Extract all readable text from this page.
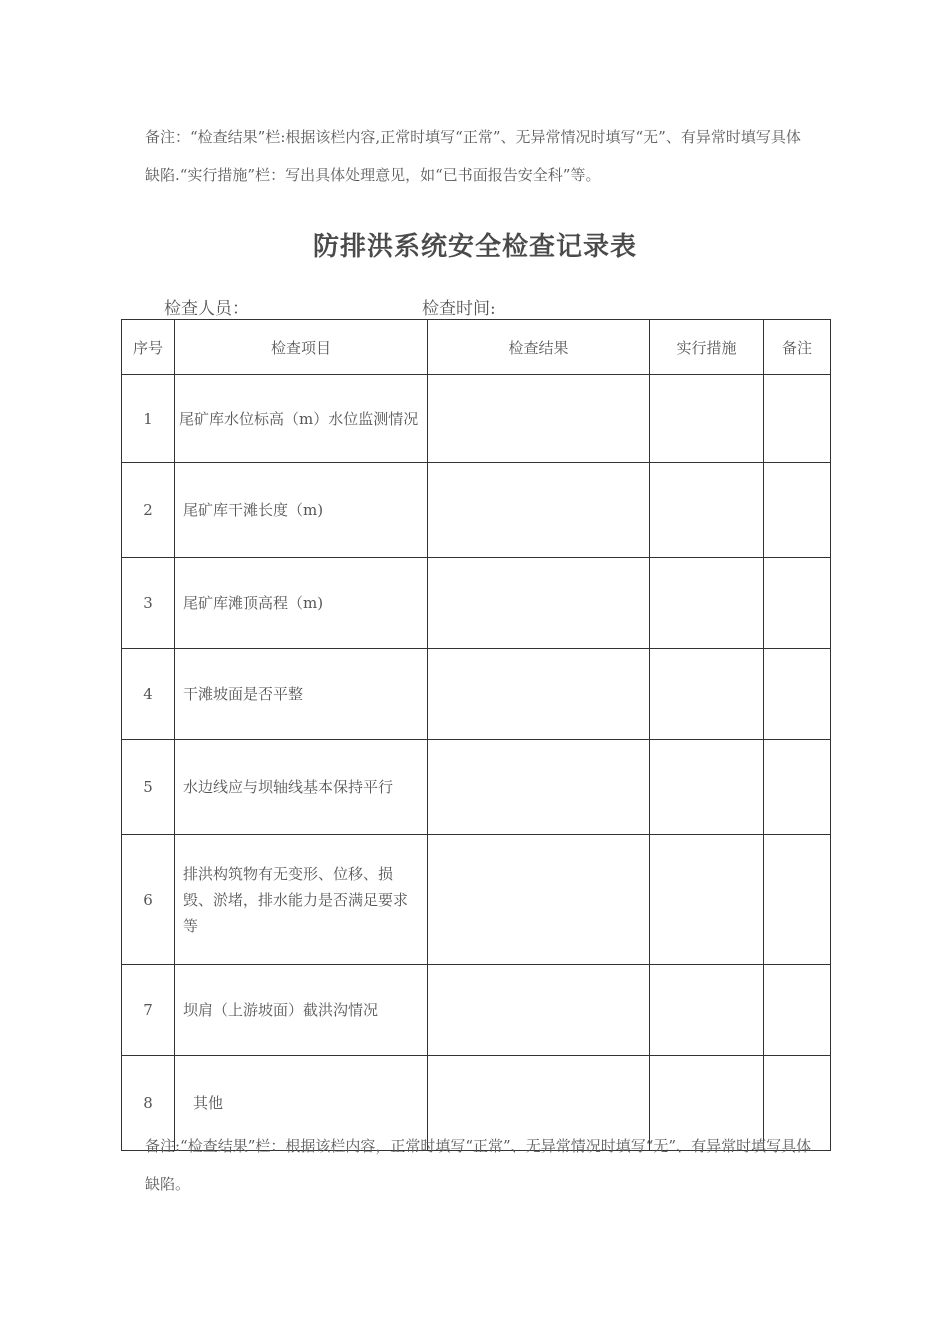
备注：“检查结果”栏:根据该栏内容,正常时填写“正常”、无异常情况时填写“无”、有异常时填写具体缺陷.“实行措施”栏：写出具体处理意见，如“已书面报告安全科”等。
防排洪系统安全检查记录表
检查人员：	检查时间:
序号	检查项目	检查结果	实行措施	备注
1	尾矿库水位标高（m）水位监测情况			
2	尾矿库干滩长度（m)			
3	尾矿库滩顶高程（m)			
4	干滩坡面是否平整			
5	水边线应与坝轴线基本保持平行			
6	排洪构筑物有无变形、位移、损毁、淤堵，排水能力是否满足要求等			
7	坝肩（上游坡面）截洪沟情况			
8	其他			
备注:“检查结果”栏：根据该栏内容，正常时填写“正常”、无异常情况时填写“无”、有异常时填写具体缺陷。
